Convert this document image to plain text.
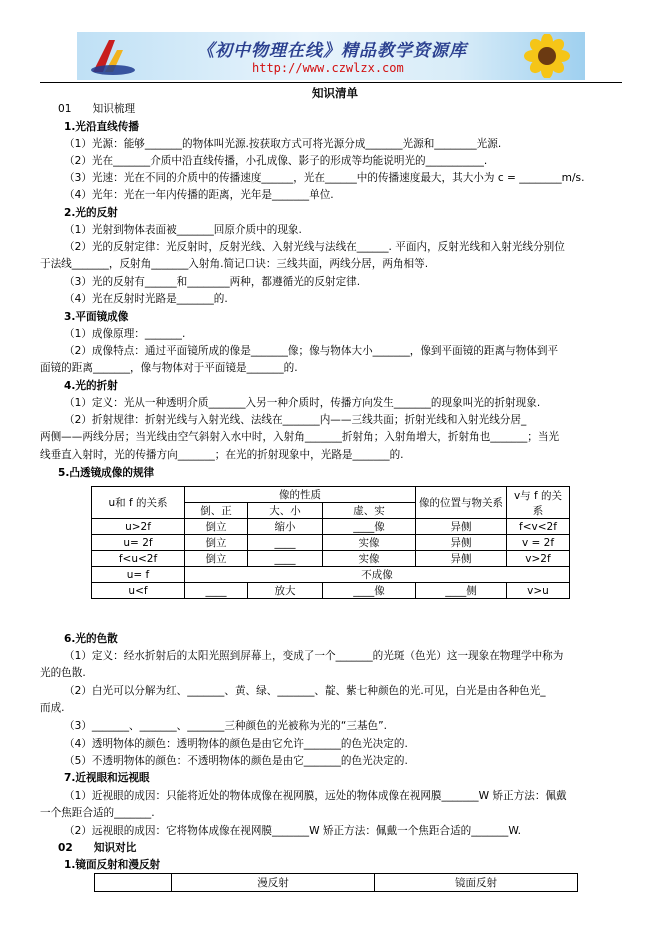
《初中物理在线》精品教学资源库
http://www.czwlzx.com
知识清单
01　　知识梳理
1.光沿直线传播
（1）光源：能够_______的物体叫光源.按获取方式可将光源分成_______光源和________光源.
（2）光在_______介质中沿直线传播，小孔成像、影子的形成等均能说明光的___________.
（3）光速：光在不同的介质中的传播速度______，光在______中的传播速度最大，其大小为 c = ________m/s.
（4）光年：光在一年内传播的距离，光年是_______单位.
2.光的反射
（1）光射到物体表面被_______回原介质中的现象.
（2）光的反射定律：光反射时，反射光线、入射光线与法线在______. 平面内，反射光线和入射光线分别位
于法线_______，反射角_______入射角.简记口诀：三线共面，两线分居，两角相等.
（3）光的反射有______和________两种，都遵循光的反射定律.
（4）光在反射时光路是_______的.
3.平面镜成像
（1）成像原理：_______.
（2）成像特点：通过平面镜所成的像是_______像；像与物体大小_______，像到平面镜的距离与物体到平
面镜的距离_______，像与物体对于平面镜是_______的.
4.光的折射
（1）定义：光从一种透明介质_______入另一种介质时，传播方向发生_______的现象叫光的折射现象.
（2）折射规律：折射光线与入射光线、法线在_______内——三线共面；折射光线和入射光线分居_
两侧——两线分居；当光线由空气斜射入水中时，入射角_______折射角；入射角增大，折射角也_______；当光
线垂直入射时，光的传播方向_______；在光的折射现象中，光路是_______的.
5.凸透镜成像的规律
u和 f 的关系	像的性质			像的位置与物关系	v与 f 的关系
	倒、正	大、小	虚、实		
u>2f	倒立	缩小	____像	异侧	f<v<2f
u= 2f	倒立	____	实像	异侧	v = 2f
f<u<2f	倒立	____	实像	异侧	v>2f
u= f	不成像				
u<f	____	放大	____像	____侧	v>u
6.光的色散
（1）定义：经水折射后的太阳光照到屏幕上，变成了一个_______的光斑（色光）这一现象在物理学中称为
光的色散.
（2）白光可以分解为红、_______、黄、绿、_______、靛、紫七种颜色的光.可见，白光是由各种色光_
而成.
（3）_______、_______、_______三种颜色的光被称为光的“三基色”.
（4）透明物体的颜色：透明物体的颜色是由它允许_______的色光决定的.
（5）不透明物体的颜色：不透明物体的颜色是由它_______的色光决定的.
7.近视眼和远视眼
（1）近视眼的成因：只能将近处的物体成像在视网膜，远处的物体成像在视网膜_______W 矫正方法：佩戴
一个焦距合适的_______.
（2）远视眼的成因：它将物体成像在视网膜_______W 矫正方法：佩戴一个焦距合适的_______W.
02　　知识对比
1.镜面反射和漫反射
	漫反射	镜面反射
